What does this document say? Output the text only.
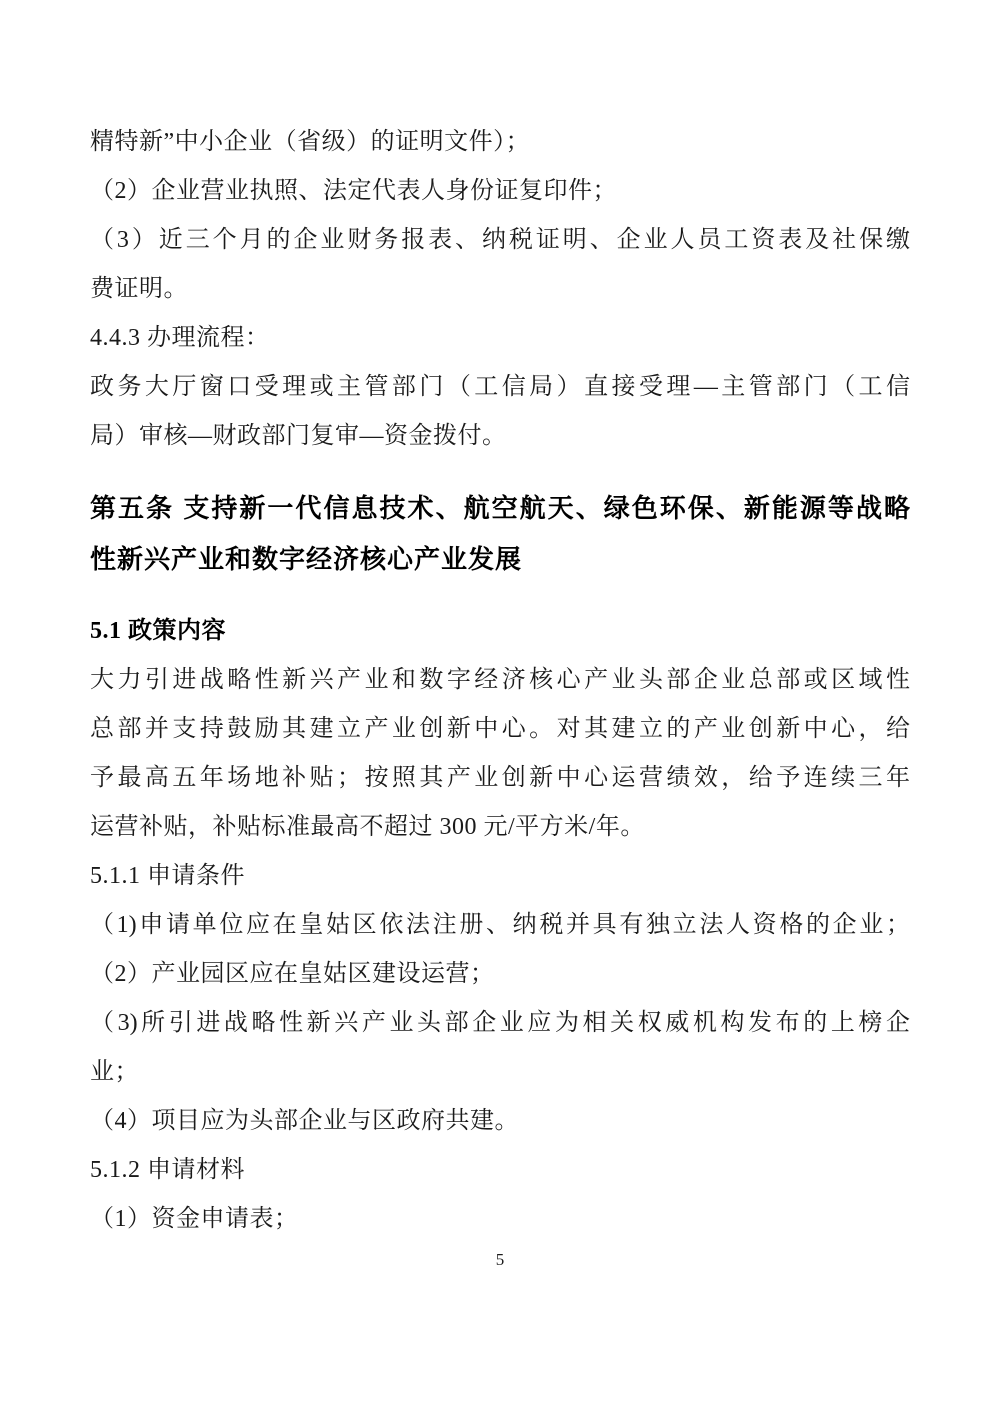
精特新”中小企业（省级）的证明文件）；
（2）企业营业执照、法定代表人身份证复印件；
（3）近三个月的企业财务报表、纳税证明、企业人员工资表及社保缴
费证明。
4.4.3 办理流程：
政务大厅窗口受理或主管部门（工信局）直接受理—主管部门（工信
局）审核—财政部门复审—资金拨付。
第五条 支持新一代信息技术、航空航天、绿色环保、新能源等战略
性新兴产业和数字经济核心产业发展
5.1 政策内容
大力引进战略性新兴产业和数字经济核心产业头部企业总部或区域性
总部并支持鼓励其建立产业创新中心。对其建立的产业创新中心，给
予最高五年场地补贴；按照其产业创新中心运营绩效，给予连续三年
运营补贴，补贴标准最高不超过 300 元/平方米/年。
5.1.1 申请条件
（1)申请单位应在皇姑区依法注册、纳税并具有独立法人资格的企业；
（2）产业园区应在皇姑区建设运营；
（3)所引进战略性新兴产业头部企业应为相关权威机构发布的上榜企
业；
（4）项目应为头部企业与区政府共建。
5.1.2 申请材料
（1）资金申请表；
5
